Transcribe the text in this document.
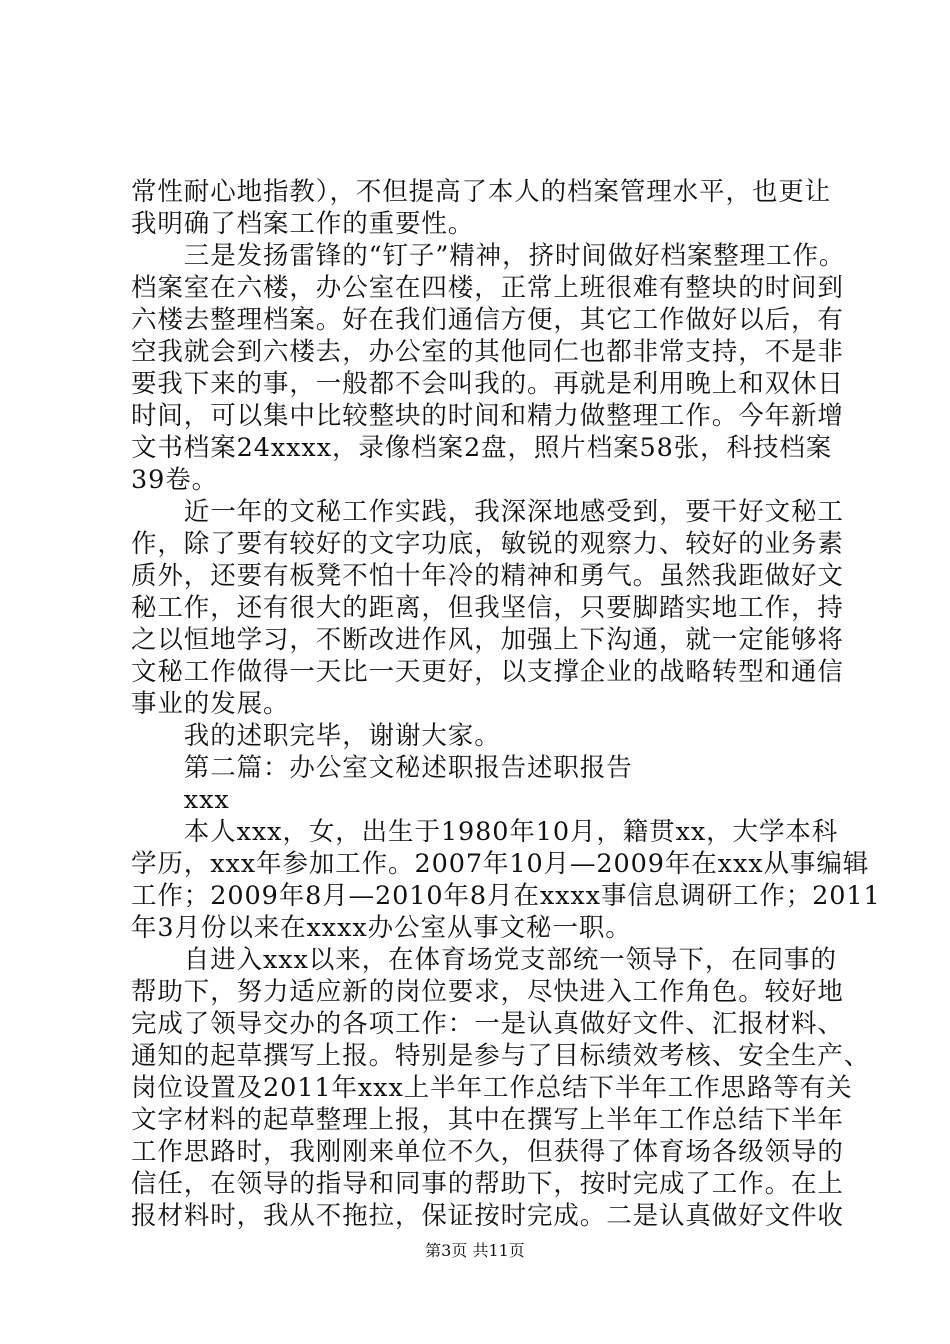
常性耐心地指教），不但提高了本人的档案管理水平，也更让
我明确了档案工作的重要性。
　　三是发扬雷锋的“钉子”精神，挤时间做好档案整理工作。
档案室在六楼，办公室在四楼，正常上班很难有整块的时间到
六楼去整理档案。好在我们通信方便，其它工作做好以后，有
空我就会到六楼去，办公室的其他同仁也都非常支持，不是非
要我下来的事，一般都不会叫我的。再就是利用晚上和双休日
时间，可以集中比较整块的时间和精力做整理工作。今年新增
文书档案24xxxx，录像档案2盘，照片档案58张，科技档案
39卷。
　　近一年的文秘工作实践，我深深地感受到，要干好文秘工
作，除了要有较好的文字功底，敏锐的观察力、较好的业务素
质外，还要有板凳不怕十年冷的精神和勇气。虽然我距做好文
秘工作，还有很大的距离，但我坚信，只要脚踏实地工作，持
之以恒地学习，不断改进作风，加强上下沟通，就一定能够将
文秘工作做得一天比一天更好，以支撑企业的战略转型和通信
事业的发展。
　　我的述职完毕，谢谢大家。
　　第二篇：办公室文秘述职报告述职报告
　　xxx
　　本人xxx，女，出生于1980年10月，籍贯xx，大学本科
学历，xxx年参加工作。2007年10月—2009年在xxx从事编辑
工作；2009年8月—2010年8月在xxxx事信息调研工作；2011
年3月份以来在xxxx办公室从事文秘一职。
　　自进入xxx以来，在体育场党支部统一领导下，在同事的
帮助下，努力适应新的岗位要求，尽快进入工作角色。较好地
完成了领导交办的各项工作：一是认真做好文件、汇报材料、
通知的起草撰写上报。特别是参与了目标绩效考核、安全生产、
岗位设置及2011年xxx上半年工作总结下半年工作思路等有关
文字材料的起草整理上报，其中在撰写上半年工作总结下半年
工作思路时，我刚刚来单位不久，但获得了体育场各级领导的
信任，在领导的指导和同事的帮助下，按时完成了工作。在上
报材料时，我从不拖拉，保证按时完成。二是认真做好文件收
第3页 共11页
